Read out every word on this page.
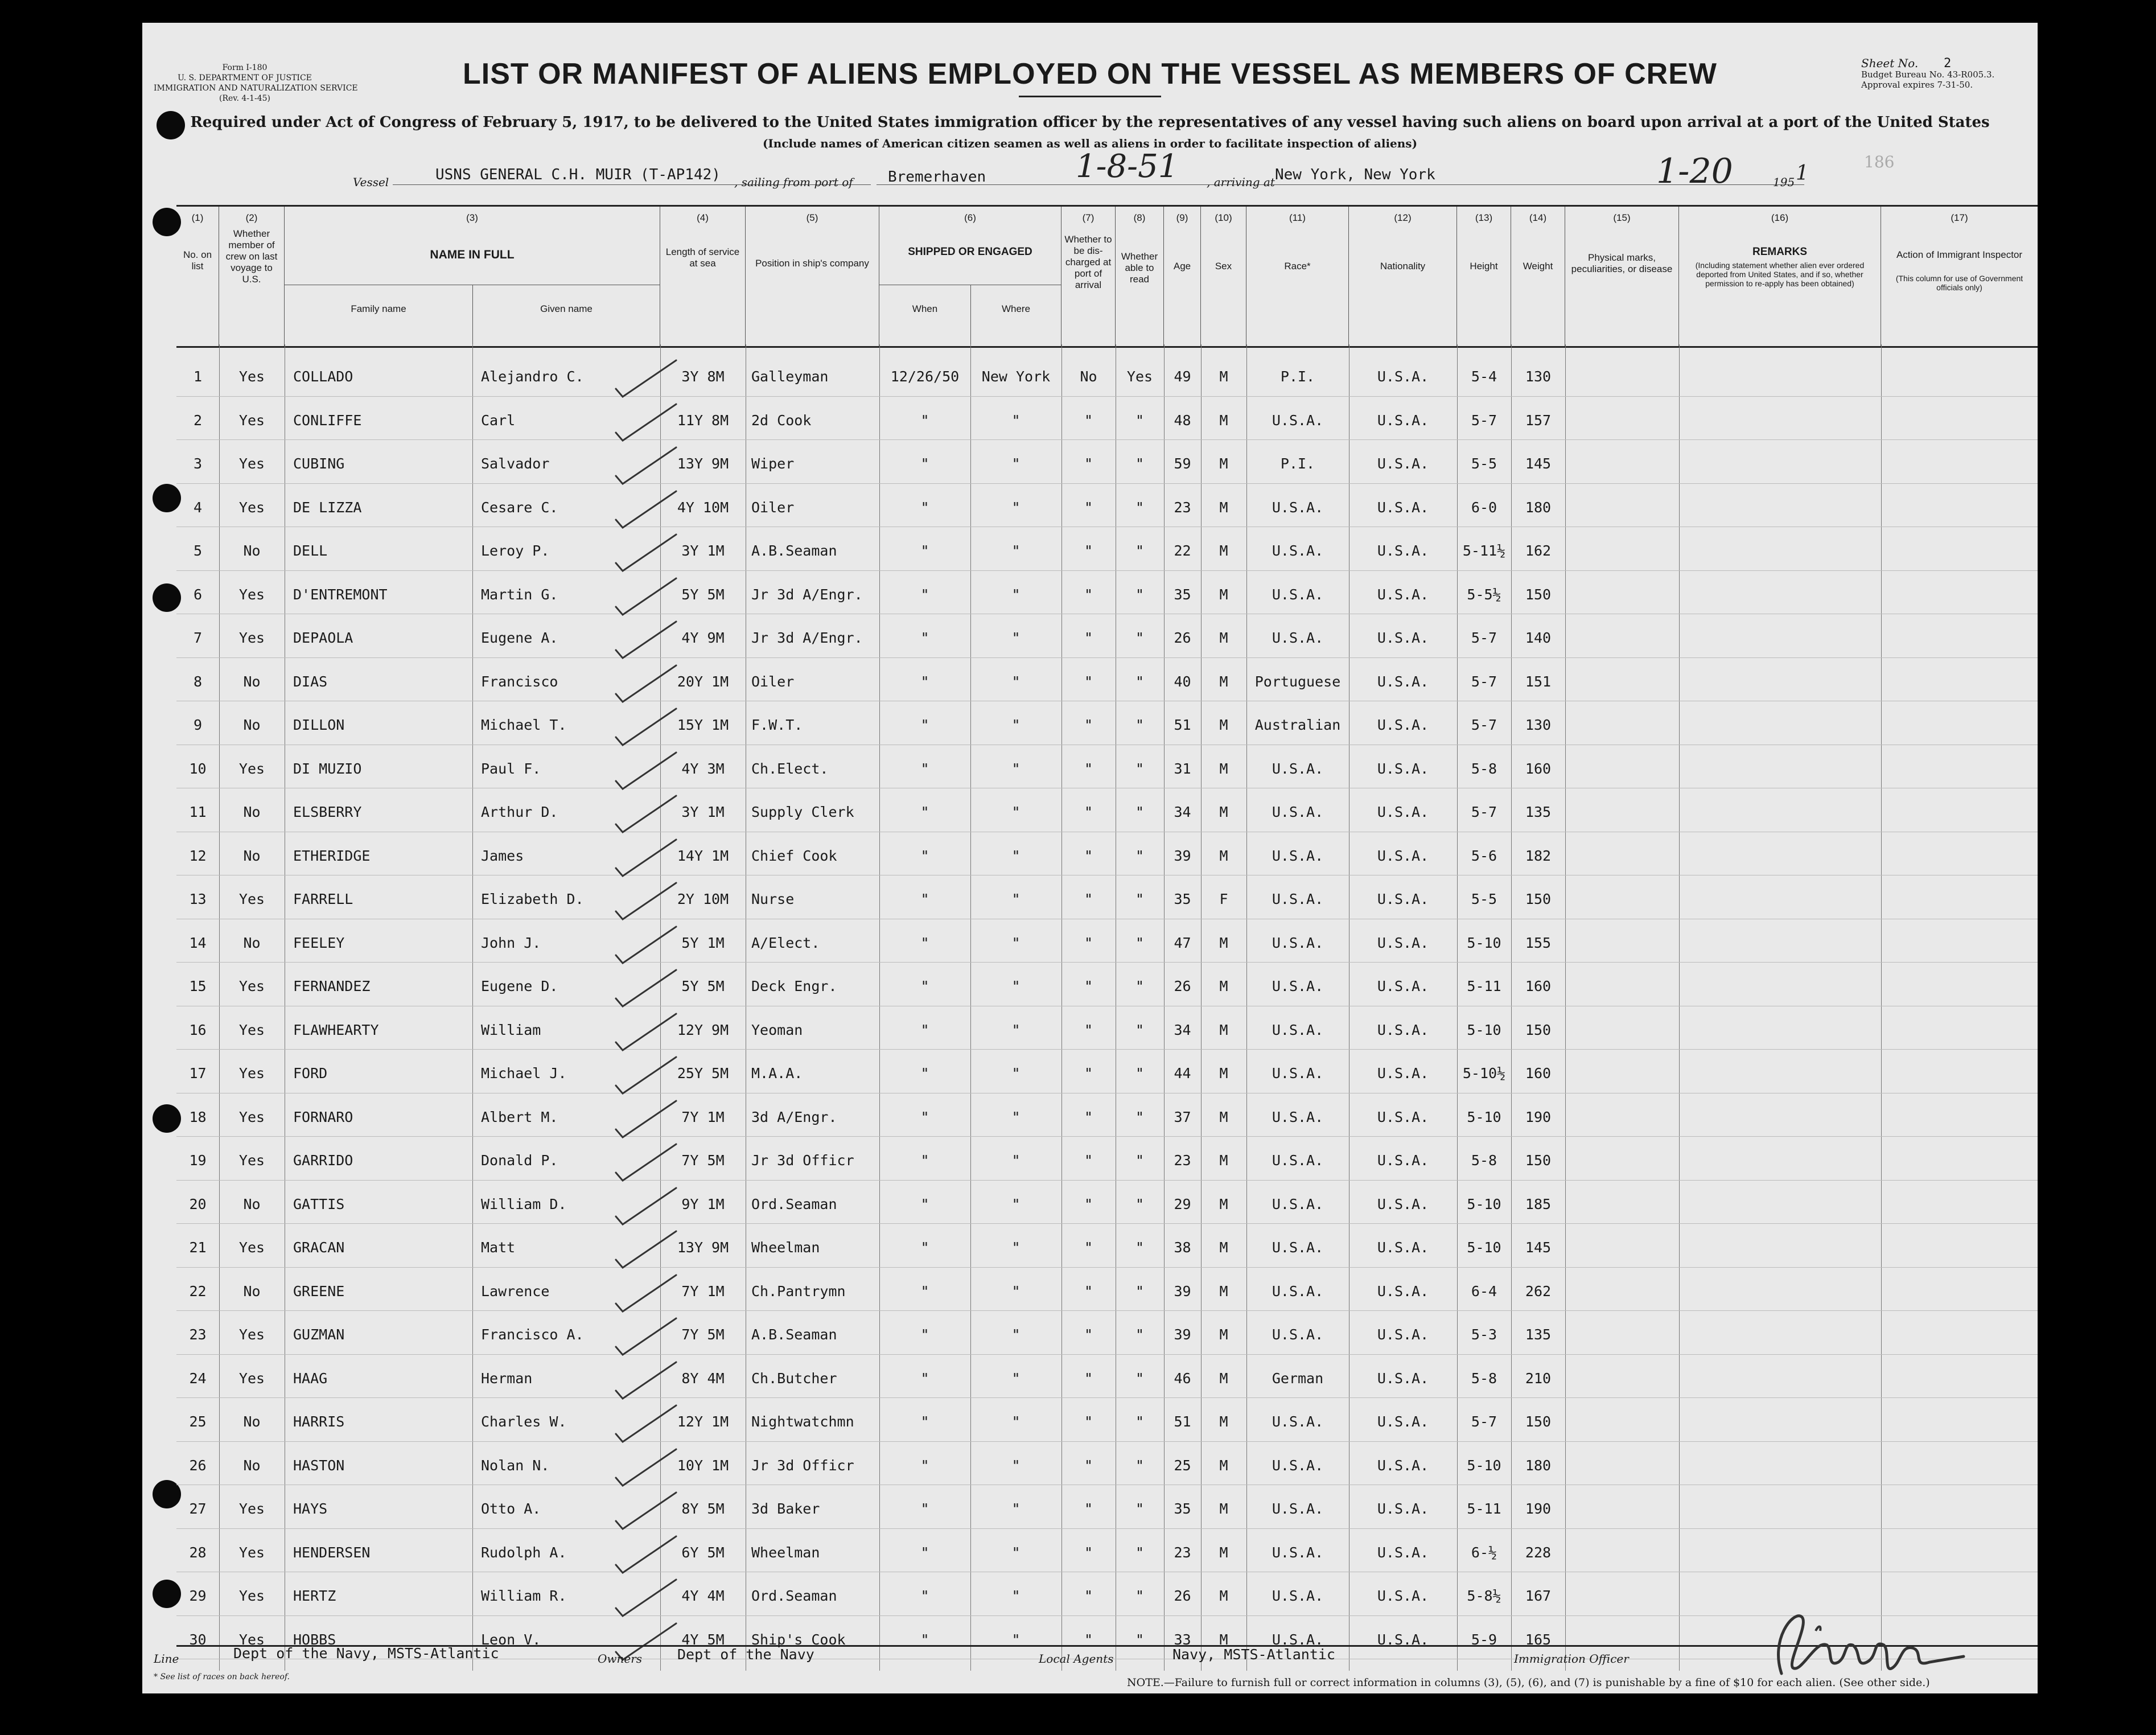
Form I-180
U. S. DEPARTMENT OF JUSTICE
IMMIGRATION AND NATURALIZATION SERVICE
(Rev. 4-1-45)
LIST OR MANIFEST OF ALIENS EMPLOYED ON THE VESSEL AS MEMBERS OF CREW	Sheet No. 2
Budget Bureau No. 43-R005.3.
Approval expires 7-31-50.
186
Required under Act of Congress of February 5, 1917, to be delivered to the United States immigration officer by the representatives of any vessel having such aliens on board upon arrival at a port of the United States
(Include names of American citizen seamen as well as aliens in order to facilitate inspection of aliens)
Vessel	USNS GENERAL C.H. MUIR (T-AP142) , sailing from port of Bremerhaven	1-8-51 , arriving at New York, New York	1-20	195 1
(1)
No. on list
(2)
Whether member of crew on last voyage to U.S.
(3)
NAME IN FULL
Family name	Given name
(4)
Length of service at sea
(5)
Position in ship's company
(6)
SHIPPED OR ENGAGED
When	Where
(7)
Whether to be dis-charged at port of arrival
(8)
Whether able to read
(9)
Age
(10)
Sex
(11)
Race*
(12)
Nationality
(13)
Height
(14)
Weight
(15)
Physical marks, peculiarities, or disease
(16)
REMARKS
(Including statement whether alien ever ordered deported from United States, and if so, whether permission to re-apply has been obtained)
(17)
Action of Immigrant Inspector
(This column for use of Government officials only)
1	Yes	COLLADO	Alejandro C.	3Y 8M	Galleyman	12/26/50	New York	No	Yes	49	M	P.I.	U.S.A.	5-4	130
2	Yes	CONLIFFE	Carl	11Y 8M	2d Cook	"	"	"	"	48	M	U.S.A.	U.S.A.	5-7	157
3	Yes	CUBING	Salvador	13Y 9M	Wiper	"	"	"	"	59	M	P.I.	U.S.A.	5-5	145
4	Yes	DE LIZZA	Cesare C.	4Y 10M	Oiler	"	"	"	"	23	M	U.S.A.	U.S.A.	6-0	180
5	No	DELL	Leroy P.	3Y 1M	A.B.Seaman	"	"	"	"	22	M	U.S.A.	U.S.A.	5-11½	162
6	Yes	D'ENTREMONT	Martin G.	5Y 5M	Jr 3d A/Engr.	"	"	"	"	35	M	U.S.A.	U.S.A.	5-5½	150
7	Yes	DEPAOLA	Eugene A.	4Y 9M	Jr 3d A/Engr.	"	"	"	"	26	M	U.S.A.	U.S.A.	5-7	140
8	No	DIAS	Francisco	20Y 1M	Oiler	"	"	"	"	40	M	Portuguese	U.S.A.	5-7	151
9	No	DILLON	Michael T.	15Y 1M	F.W.T.	"	"	"	"	51	M	Australian	U.S.A.	5-7	130
10	Yes	DI MUZIO	Paul F.	4Y 3M	Ch.Elect.	"	"	"	"	31	M	U.S.A.	U.S.A.	5-8	160
11	No	ELSBERRY	Arthur D.	3Y 1M	Supply Clerk	"	"	"	"	34	M	U.S.A.	U.S.A.	5-7	135
12	No	ETHERIDGE	James	14Y 1M	Chief Cook	"	"	"	"	39	M	U.S.A.	U.S.A.	5-6	182
13	Yes	FARRELL	Elizabeth D.	2Y 10M	Nurse	"	"	"	"	35	F	U.S.A.	U.S.A.	5-5	150
14	No	FEELEY	John J.	5Y 1M	A/Elect.	"	"	"	"	47	M	U.S.A.	U.S.A.	5-10	155
15	Yes	FERNANDEZ	Eugene D.	5Y 5M	Deck Engr.	"	"	"	"	26	M	U.S.A.	U.S.A.	5-11	160
16	Yes	FLAWHEARTY	William	12Y 9M	Yeoman	"	"	"	"	34	M	U.S.A.	U.S.A.	5-10	150
17	Yes	FORD	Michael J.	25Y 5M	M.A.A.	"	"	"	"	44	M	U.S.A.	U.S.A.	5-10½	160
18	Yes	FORNARO	Albert M.	7Y 1M	3d A/Engr.	"	"	"	"	37	M	U.S.A.	U.S.A.	5-10	190
19	Yes	GARRIDO	Donald P.	7Y 5M	Jr 3d Officr	"	"	"	"	23	M	U.S.A.	U.S.A.	5-8	150
20	No	GATTIS	William D.	9Y 1M	Ord.Seaman	"	"	"	"	29	M	U.S.A.	U.S.A.	5-10	185
21	Yes	GRACAN	Matt	13Y 9M	Wheelman	"	"	"	"	38	M	U.S.A.	U.S.A.	5-10	145
22	No	GREENE	Lawrence	7Y 1M	Ch.Pantrymn	"	"	"	"	39	M	U.S.A.	U.S.A.	6-4	262
23	Yes	GUZMAN	Francisco A.	7Y 5M	A.B.Seaman	"	"	"	"	39	M	U.S.A.	U.S.A.	5-3	135
24	Yes	HAAG	Herman	8Y 4M	Ch.Butcher	"	"	"	"	46	M	German	U.S.A.	5-8	210
25	No	HARRIS	Charles W.	12Y 1M	Nightwatchmn	"	"	"	"	51	M	U.S.A.	U.S.A.	5-7	150
26	No	HASTON	Nolan N.	10Y 1M	Jr 3d Officr	"	"	"	"	25	M	U.S.A.	U.S.A.	5-10	180
27	Yes	HAYS	Otto A.	8Y 5M	3d Baker	"	"	"	"	35	M	U.S.A.	U.S.A.	5-11	190
28	Yes	HENDERSEN	Rudolph A.	6Y 5M	Wheelman	"	"	"	"	23	M	U.S.A.	U.S.A.	6-½	228
29	Yes	HERTZ	William R.	4Y 4M	Ord.Seaman	"	"	"	"	26	M	U.S.A.	U.S.A.	5-8½	167
30	Yes	HOBBS	Leon V.	4Y 5M	Ship's Cook	"	"	"	"	33	M	U.S.A.	U.S.A.	5-9	165
Line	Dept of the Navy, MSTS-Atlantic	Owners Dept of the Navy	Local Agents	Navy, MSTS-Atlantic	Immigration Officer
* See list of races on back hereof.	NOTE.—Failure to furnish full or correct information in columns (3), (5), (6), and (7) is punishable by a fine of $10 for each alien. (See other side.)
